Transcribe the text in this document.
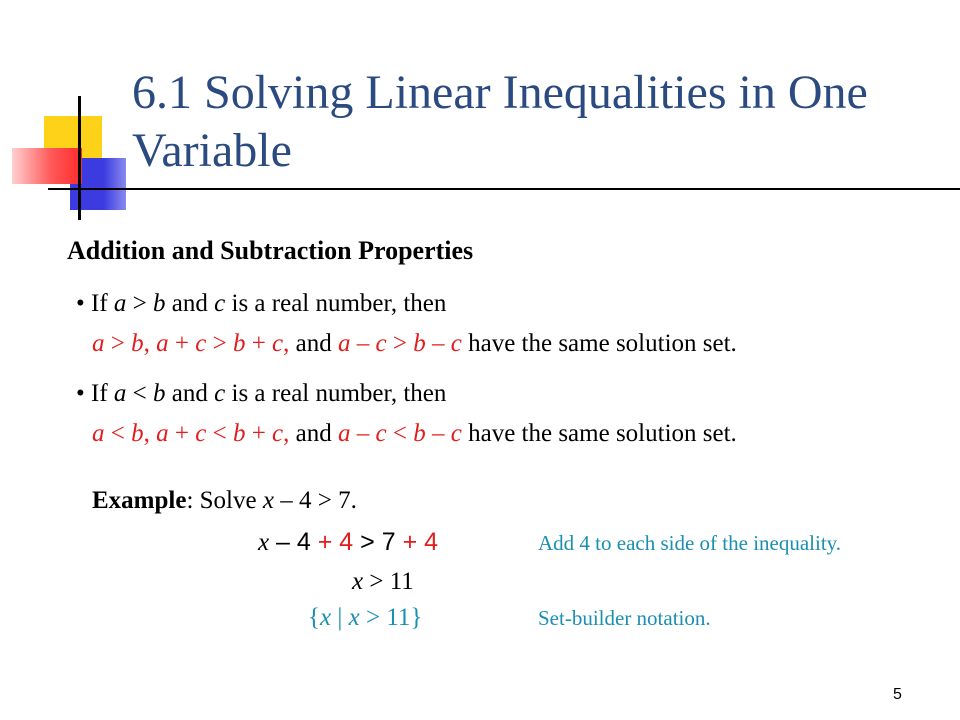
6.1 Solving Linear Inequalities in One Variable
Addition and Subtraction Properties
• If a > b and c is a real number, then
a > b, a + c > b + c, and a – c > b – c have the same solution set.
• If a < b and c is a real number, then
a < b, a + c < b + c, and a – c < b – c have the same solution set.
Example: Solve x – 4 > 7.
x – 4 + 4 > 7 + 4	Add 4 to each side of the inequality.
x > 11
{x | x > 11}	Set-builder notation.
5
